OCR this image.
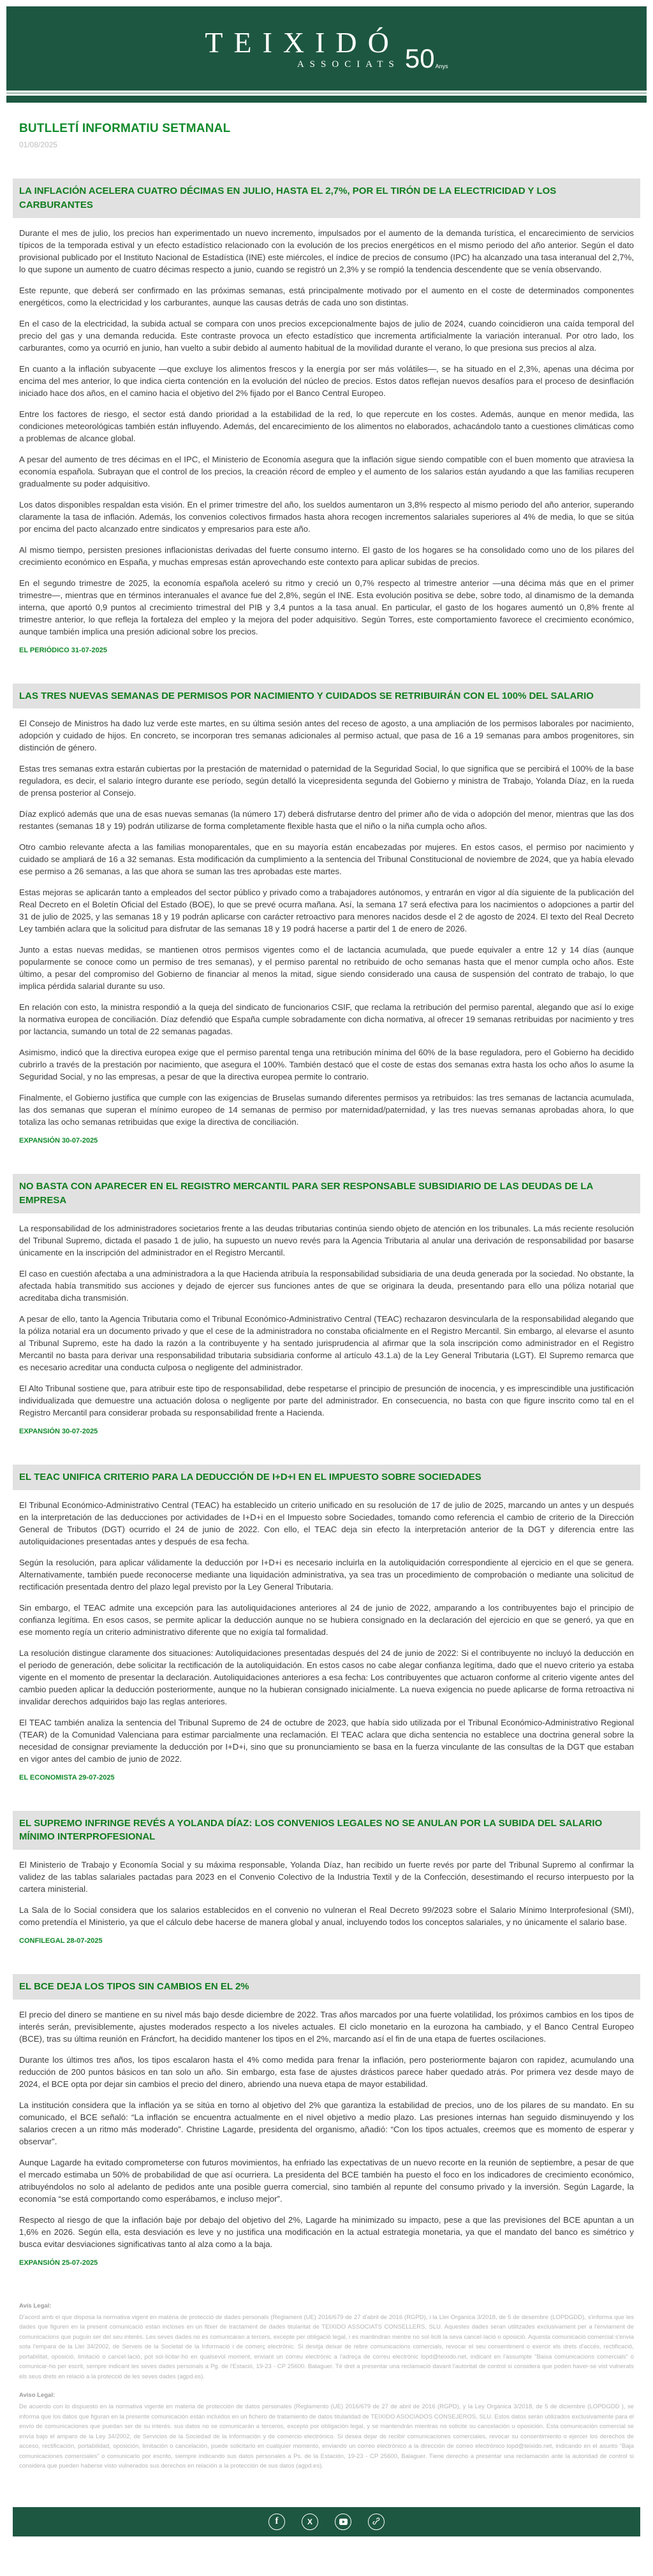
TEIXIDÓ
ASSOCIATS 50 Anys
BUTLLETÍ INFORMATIU SETMANAL
01/08/2025
LA INFLACIÓN ACELERA CUATRO DÉCIMAS EN JULIO, HASTA EL 2,7%, POR EL TIRÓN DE LA ELECTRICIDAD Y LOS CARBURANTES

Durante el mes de julio, los precios han experimentado un nuevo incremento, impulsados por el aumento de la demanda turística, el encarecimiento de servicios típicos de la temporada estival y un efecto estadístico relacionado con la evolución de los precios energéticos en el mismo periodo del año anterior. Según el dato provisional publicado por el Instituto Nacional de Estadística (INE) este miércoles, el índice de precios de consumo (IPC) ha alcanzado una tasa interanual del 2,7%, lo que supone un aumento de cuatro décimas respecto a junio, cuando se registró un 2,3% y se rompió la tendencia descendente que se venía observando.

Este repunte, que deberá ser confirmado en las próximas semanas, está principalmente motivado por el aumento en el coste de determinados componentes energéticos, como la electricidad y los carburantes, aunque las causas detrás de cada uno son distintas.

En el caso de la electricidad, la subida actual se compara con unos precios excepcionalmente bajos de julio de 2024, cuando coincidieron una caída temporal del precio del gas y una demanda reducida. Este contraste provoca un efecto estadístico que incrementa artificialmente la variación interanual. Por otro lado, los carburantes, como ya ocurrió en junio, han vuelto a subir debido al aumento habitual de la movilidad durante el verano, lo que presiona sus precios al alza.

En cuanto a la inflación subyacente —que excluye los alimentos frescos y la energía por ser más volátiles—, se ha situado en el 2,3%, apenas una décima por encima del mes anterior, lo que indica cierta contención en la evolución del núcleo de precios. Estos datos reflejan nuevos desafíos para el proceso de desinflación iniciado hace dos años, en el camino hacia el objetivo del 2% fijado por el Banco Central Europeo.

Entre los factores de riesgo, el sector está dando prioridad a la estabilidad de la red, lo que repercute en los costes. Además, aunque en menor medida, las condiciones meteorológicas también están influyendo. Además, del encarecimiento de los alimentos no elaborados, achacándolo tanto a cuestiones climáticas como a problemas de alcance global.

A pesar del aumento de tres décimas en el IPC, el Ministerio de Economía asegura que la inflación sigue siendo compatible con el buen momento que atraviesa la economía española. Subrayan que el control de los precios, la creación récord de empleo y el aumento de los salarios están ayudando a que las familias recuperen gradualmente su poder adquisitivo.

Los datos disponibles respaldan esta visión. En el primer trimestre del año, los sueldos aumentaron un 3,8% respecto al mismo periodo del año anterior, superando claramente la tasa de inflación. Además, los convenios colectivos firmados hasta ahora recogen incrementos salariales superiores al 4% de media, lo que se sitúa por encima del pacto alcanzado entre sindicatos y empresarios para este año.

Al mismo tiempo, persisten presiones inflacionistas derivadas del fuerte consumo interno. El gasto de los hogares se ha consolidado como uno de los pilares del crecimiento económico en España, y muchas empresas están aprovechando este contexto para aplicar subidas de precios.

En el segundo trimestre de 2025, la economía española aceleró su ritmo y creció un 0,7% respecto al trimestre anterior —una décima más que en el primer trimestre—, mientras que en términos interanuales el avance fue del 2,8%, según el INE. Esta evolución positiva se debe, sobre todo, al dinamismo de la demanda interna, que aportó 0,9 puntos al crecimiento trimestral del PIB y 3,4 puntos a la tasa anual. En particular, el gasto de los hogares aumentó un 0,8% frente al trimestre anterior, lo que refleja la fortaleza del empleo y la mejora del poder adquisitivo. Según Torres, este comportamiento favorece el crecimiento económico, aunque también implica una presión adicional sobre los precios.

EL PERIÓDICO 31-07-2025
LAS TRES NUEVAS SEMANAS DE PERMISOS POR NACIMIENTO Y CUIDADOS SE RETRIBUIRÁN CON EL 100% DEL SALARIO

El Consejo de Ministros ha dado luz verde este martes, en su última sesión antes del receso de agosto, a una ampliación de los permisos laborales por nacimiento, adopción y cuidado de hijos. En concreto, se incorporan tres semanas adicionales al permiso actual, que pasa de 16 a 19 semanas para ambos progenitores, sin distinción de género.

Estas tres semanas extra estarán cubiertas por la prestación de maternidad o paternidad de la Seguridad Social, lo que significa que se percibirá el 100% de la base reguladora, es decir, el salario íntegro durante ese período, según detalló la vicepresidenta segunda del Gobierno y ministra de Trabajo, Yolanda Díaz, en la rueda de prensa posterior al Consejo.

Díaz explicó además que una de esas nuevas semanas (la número 17) deberá disfrutarse dentro del primer año de vida o adopción del menor, mientras que las dos restantes (semanas 18 y 19) podrán utilizarse de forma completamente flexible hasta que el niño o la niña cumpla ocho años.

Otro cambio relevante afecta a las familias monoparentales, que en su mayoría están encabezadas por mujeres. En estos casos, el permiso por nacimiento y cuidado se ampliará de 16 a 32 semanas. Esta modificación da cumplimiento a la sentencia del Tribunal Constitucional de noviembre de 2024, que ya había elevado ese permiso a 26 semanas, a las que ahora se suman las tres aprobadas este martes.

Estas mejoras se aplicarán tanto a empleados del sector público y privado como a trabajadores autónomos, y entrarán en vigor al día siguiente de la publicación del Real Decreto en el Boletín Oficial del Estado (BOE), lo que se prevé ocurra mañana. Así, la semana 17 será efectiva para los nacimientos o adopciones a partir del 31 de julio de 2025, y las semanas 18 y 19 podrán aplicarse con carácter retroactivo para menores nacidos desde el 2 de agosto de 2024. El texto del Real Decreto Ley también aclara que la solicitud para disfrutar de las semanas 18 y 19 podrá hacerse a partir del 1 de enero de 2026.

Junto a estas nuevas medidas, se mantienen otros permisos vigentes como el de lactancia acumulada, que puede equivaler a entre 12 y 14 días (aunque popularmente se conoce como un permiso de tres semanas), y el permiso parental no retribuido de ocho semanas hasta que el menor cumpla ocho años. Este último, a pesar del compromiso del Gobierno de financiar al menos la mitad, sigue siendo considerado una causa de suspensión del contrato de trabajo, lo que implica pérdida salarial durante su uso.

En relación con esto, la ministra respondió a la queja del sindicato de funcionarios CSIF, que reclama la retribución del permiso parental, alegando que así lo exige la normativa europea de conciliación. Díaz defendió que España cumple sobradamente con dicha normativa, al ofrecer 19 semanas retribuidas por nacimiento y tres por lactancia, sumando un total de 22 semanas pagadas.

Asimismo, indicó que la directiva europea exige que el permiso parental tenga una retribución mínima del 60% de la base reguladora, pero el Gobierno ha decidido cubrirlo a través de la prestación por nacimiento, que asegura el 100%. También destacó que el coste de estas dos semanas extra hasta los ocho años lo asume la Seguridad Social, y no las empresas, a pesar de que la directiva europea permite lo contrario.

Finalmente, el Gobierno justifica que cumple con las exigencias de Bruselas sumando diferentes permisos ya retribuidos: las tres semanas de lactancia acumulada, las dos semanas que superan el mínimo europeo de 14 semanas de permiso por maternidad/paternidad, y las tres nuevas semanas aprobadas ahora, lo que totaliza las ocho semanas retribuidas que exige la directiva de conciliación.

EXPANSIÓN 30-07-2025
NO BASTA CON APARECER EN EL REGISTRO MERCANTIL PARA SER RESPONSABLE SUBSIDIARIO DE LAS DEUDAS DE LA EMPRESA

La responsabilidad de los administradores societarios frente a las deudas tributarias continúa siendo objeto de atención en los tribunales. La más reciente resolución del Tribunal Supremo, dictada el pasado 1 de julio, ha supuesto un nuevo revés para la Agencia Tributaria al anular una derivación de responsabilidad por basarse únicamente en la inscripción del administrador en el Registro Mercantil.

El caso en cuestión afectaba a una administradora a la que Hacienda atribuía la responsabilidad subsidiaria de una deuda generada por la sociedad. No obstante, la afectada había transmitido sus acciones y dejado de ejercer sus funciones antes de que se originara la deuda, presentando para ello una póliza notarial que acreditaba dicha transmisión.

A pesar de ello, tanto la Agencia Tributaria como el Tribunal Económico-Administrativo Central (TEAC) rechazaron desvincularla de la responsabilidad alegando que la póliza notarial era un documento privado y que el cese de la administradora no constaba oficialmente en el Registro Mercantil. Sin embargo, al elevarse el asunto al Tribunal Supremo, este ha dado la razón a la contribuyente y ha sentado jurisprudencia al afirmar que la sola inscripción como administrador en el Registro Mercantil no basta para derivar una responsabilidad tributaria subsidiaria conforme al artículo 43.1.a) de la Ley General Tributaria (LGT). El Supremo remarca que es necesario acreditar una conducta culposa o negligente del administrador.

El Alto Tribunal sostiene que, para atribuir este tipo de responsabilidad, debe respetarse el principio de presunción de inocencia, y es imprescindible una justificación individualizada que demuestre una actuación dolosa o negligente por parte del administrador. En consecuencia, no basta con que figure inscrito como tal en el Registro Mercantil para considerar probada su responsabilidad frente a Hacienda.

EXPANSIÓN 30-07-2025
EL TEAC UNIFICA CRITERIO PARA LA DEDUCCIÓN DE I+D+I EN EL IMPUESTO SOBRE SOCIEDADES

El Tribunal Económico-Administrativo Central (TEAC) ha establecido un criterio unificado en su resolución de 17 de julio de 2025, marcando un antes y un después en la interpretación de las deducciones por actividades de I+D+i en el Impuesto sobre Sociedades, tomando como referencia el cambio de criterio de la Dirección General de Tributos (DGT) ocurrido el 24 de junio de 2022. Con ello, el TEAC deja sin efecto la interpretación anterior de la DGT y diferencia entre las autoliquidaciones presentadas antes y después de esa fecha.

Según la resolución, para aplicar válidamente la deducción por I+D+i es necesario incluirla en la autoliquidación correspondiente al ejercicio en el que se genera. Alternativamente, también puede reconocerse mediante una liquidación administrativa, ya sea tras un procedimiento de comprobación o mediante una solicitud de rectificación presentada dentro del plazo legal previsto por la Ley General Tributaria.

Sin embargo, el TEAC admite una excepción para las autoliquidaciones anteriores al 24 de junio de 2022, amparando a los contribuyentes bajo el principio de confianza legítima. En esos casos, se permite aplicar la deducción aunque no se hubiera consignado en la declaración del ejercicio en que se generó, ya que en ese momento regía un criterio administrativo diferente que no exigía tal formalidad.

La resolución distingue claramente dos situaciones: Autoliquidaciones presentadas después del 24 de junio de 2022: Si el contribuyente no incluyó la deducción en el periodo de generación, debe solicitar la rectificación de la autoliquidación. En estos casos no cabe alegar confianza legítima, dado que el nuevo criterio ya estaba vigente en el momento de presentar la declaración. Autoliquidaciones anteriores a esa fecha: Los contribuyentes que actuaron conforme al criterio vigente antes del cambio pueden aplicar la deducción posteriormente, aunque no la hubieran consignado inicialmente. La nueva exigencia no puede aplicarse de forma retroactiva ni invalidar derechos adquiridos bajo las reglas anteriores.

El TEAC también analiza la sentencia del Tribunal Supremo de 24 de octubre de 2023, que había sido utilizada por el Tribunal Económico-Administrativo Regional (TEAR) de la Comunidad Valenciana para estimar parcialmente una reclamación. El TEAC aclara que dicha sentencia no establece una doctrina general sobre la necesidad de consignar previamente la deducción por I+D+i, sino que su pronunciamiento se basa en la fuerza vinculante de las consultas de la DGT que estaban en vigor antes del cambio de junio de 2022.

EL ECONOMISTA 29-07-2025
EL SUPREMO INFRINGE REVÉS A YOLANDA DÍAZ: LOS CONVENIOS LEGALES NO SE ANULAN POR LA SUBIDA DEL SALARIO MÍNIMO INTERPROFESIONAL

El Ministerio de Trabajo y Economía Social y su máxima responsable, Yolanda Díaz, han recibido un fuerte revés por parte del Tribunal Supremo al confirmar la validez de las tablas salariales pactadas para 2023 en el Convenio Colectivo de la Industria Textil y de la Confección, desestimando el recurso interpuesto por la cartera ministerial.

La Sala de lo Social considera que los salarios establecidos en el convenio no vulneran el Real Decreto 99/2023 sobre el Salario Mínimo Interprofesional (SMI), como pretendía el Ministerio, ya que el cálculo debe hacerse de manera global y anual, incluyendo todos los conceptos salariales, y no únicamente el salario base.

CONFILEGAL 28-07-2025
EL BCE DEJA LOS TIPOS SIN CAMBIOS EN EL 2%

El precio del dinero se mantiene en su nivel más bajo desde diciembre de 2022. Tras años marcados por una fuerte volatilidad, los próximos cambios en los tipos de interés serán, previsiblemente, ajustes moderados respecto a los niveles actuales. El ciclo monetario en la eurozona ha cambiado, y el Banco Central Europeo (BCE), tras su última reunión en Fráncfort, ha decidido mantener los tipos en el 2%, marcando así el fin de una etapa de fuertes oscilaciones.

Durante los últimos tres años, los tipos escalaron hasta el 4% como medida para frenar la inflación, pero posteriormente bajaron con rapidez, acumulando una reducción de 200 puntos básicos en tan solo un año. Sin embargo, esta fase de ajustes drásticos parece haber quedado atrás. Por primera vez desde mayo de 2024, el BCE opta por dejar sin cambios el precio del dinero, abriendo una nueva etapa de mayor estabilidad.

La institución considera que la inflación ya se sitúa en torno al objetivo del 2% que garantiza la estabilidad de precios, uno de los pilares de su mandato. En su comunicado, el BCE señaló: “La inflación se encuentra actualmente en el nivel objetivo a medio plazo. Las presiones internas han seguido disminuyendo y los salarios crecen a un ritmo más moderado”. Christine Lagarde, presidenta del organismo, añadió: “Con los tipos actuales, creemos que es momento de esperar y observar”.

Aunque Lagarde ha evitado comprometerse con futuros movimientos, ha enfriado las expectativas de un nuevo recorte en la reunión de septiembre, a pesar de que el mercado estimaba un 50% de probabilidad de que así ocurriera. La presidenta del BCE también ha puesto el foco en los indicadores de crecimiento económico, atribuyéndolos no solo al adelanto de pedidos ante una posible guerra comercial, sino también al repunte del consumo privado y la inversión. Según Lagarde, la economía “se está comportando como esperábamos, e incluso mejor”.

Respecto al riesgo de que la inflación baje por debajo del objetivo del 2%, Lagarde ha minimizado su impacto, pese a que las previsiones del BCE apuntan a un 1,6% en 2026. Según ella, esta desviación es leve y no justifica una modificación en la actual estrategia monetaria, ya que el mandato del banco es simétrico y busca evitar desviaciones significativas tanto al alza como a la baja.

EXPANSIÓN 25-07-2025
Avís Legal:
D'acord amb el que disposa la normativa vigent en matèria de protecció de dades personals (Reglament (UE) 2016/679 de 27 d'abril de 2016 (RGPD), i la Llei Orgànica 3/2018, de 5 de desembre (LOPDGDD), s'informa que les dades que figuren en la present comunicació estan incloses en un fitxer de tractament de dades titularitat de TEIXIDO ASSOCIATS CONSELLERS, SLU. Aquestes dades seran utilitzades exclusivament per a l'enviament de comunicacions que puguin ser del seu interès. Les seves dades no es comunicaran a tercers, excepte per obligació legal, i es mantindran mentre no sol·liciti la seva cancel·lació o oposició. Aquesta comunicació comercial s'envia sota l'empara de la Llei 34/2002, de Serveis de la Societat de la Informació i de comerç electrònic. Si desitja deixar de rebre comunicacions comercials, revocar el seu consentiment o exercir els drets d'accés, rectificació, portabilitat, oposició, limitació o cancel·lació, pot sol·licitar-ho en qualsevol moment, enviant un correu electrònic a l'adreça de correu electrònic lopd@teixido.net, indicant en l'assumpte “Baixa comunicacions comercials” o comunicar-ho per escrit, sempre indicant les seves dades personals a Pg. de l'Estació, 19-23 - CP 25600. Balaguer. Té dret a presentar una reclamació davant l'autoritat de control si considera que poden haver-se vist vulnerats els seus drets en relació a la protecció de les seves dades (agpd.es).
Aviso Legal:
De acuerdo con lo dispuesto en la normativa vigente en materia de protección de datos personales (Reglamento (UE) 2016/679 de 27 de abril de 2016 (RGPD), y la Ley Orgánica 3/2018, de 5 de diciembre (LOPDGDD ), se informa que los datos que figuran en la presente comunicación están incluidos en un fichero de tratamiento de datos titularidad de TEIXIDO ASOCIADOS CONSEJEROS, SLU. Estos datos serán utilizados exclusivamente para el envío de comunicaciones que puedan ser de su interés. sus datos no se comunicarán a terceros, excepto por obligación legal, y se mantendrán mientras no solicite su cancelación u oposición. Esta comunicación comercial se envía bajo el amparo de la Ley 34/2002, de Servicios de la Sociedad de la Información y de comercio electrónico. Si desea dejar de recibir comunicaciones comerciales, revocar su consentimiento o ejercer los derechos de acceso, rectificación, portabilidad, oposición, limitación o cancelación, puede solicitarlo en cualquier momento, enviando un correo electrónico a la dirección de correo electrónico lopd@teixido.net, indicando en el asunto “Baja comunicaciones comerciales” o comunicarlo por escrito, siempre indicando sus datos personales a Ps. de la Estación, 19-23 - CP 25600, Balaguer. Tiene derecho a presentar una reclamación ante la autoridad de control si considera que pueden haberse visto vulnerados sus derechos en relación a la protección de sus datos (agpd.es).
f	X
